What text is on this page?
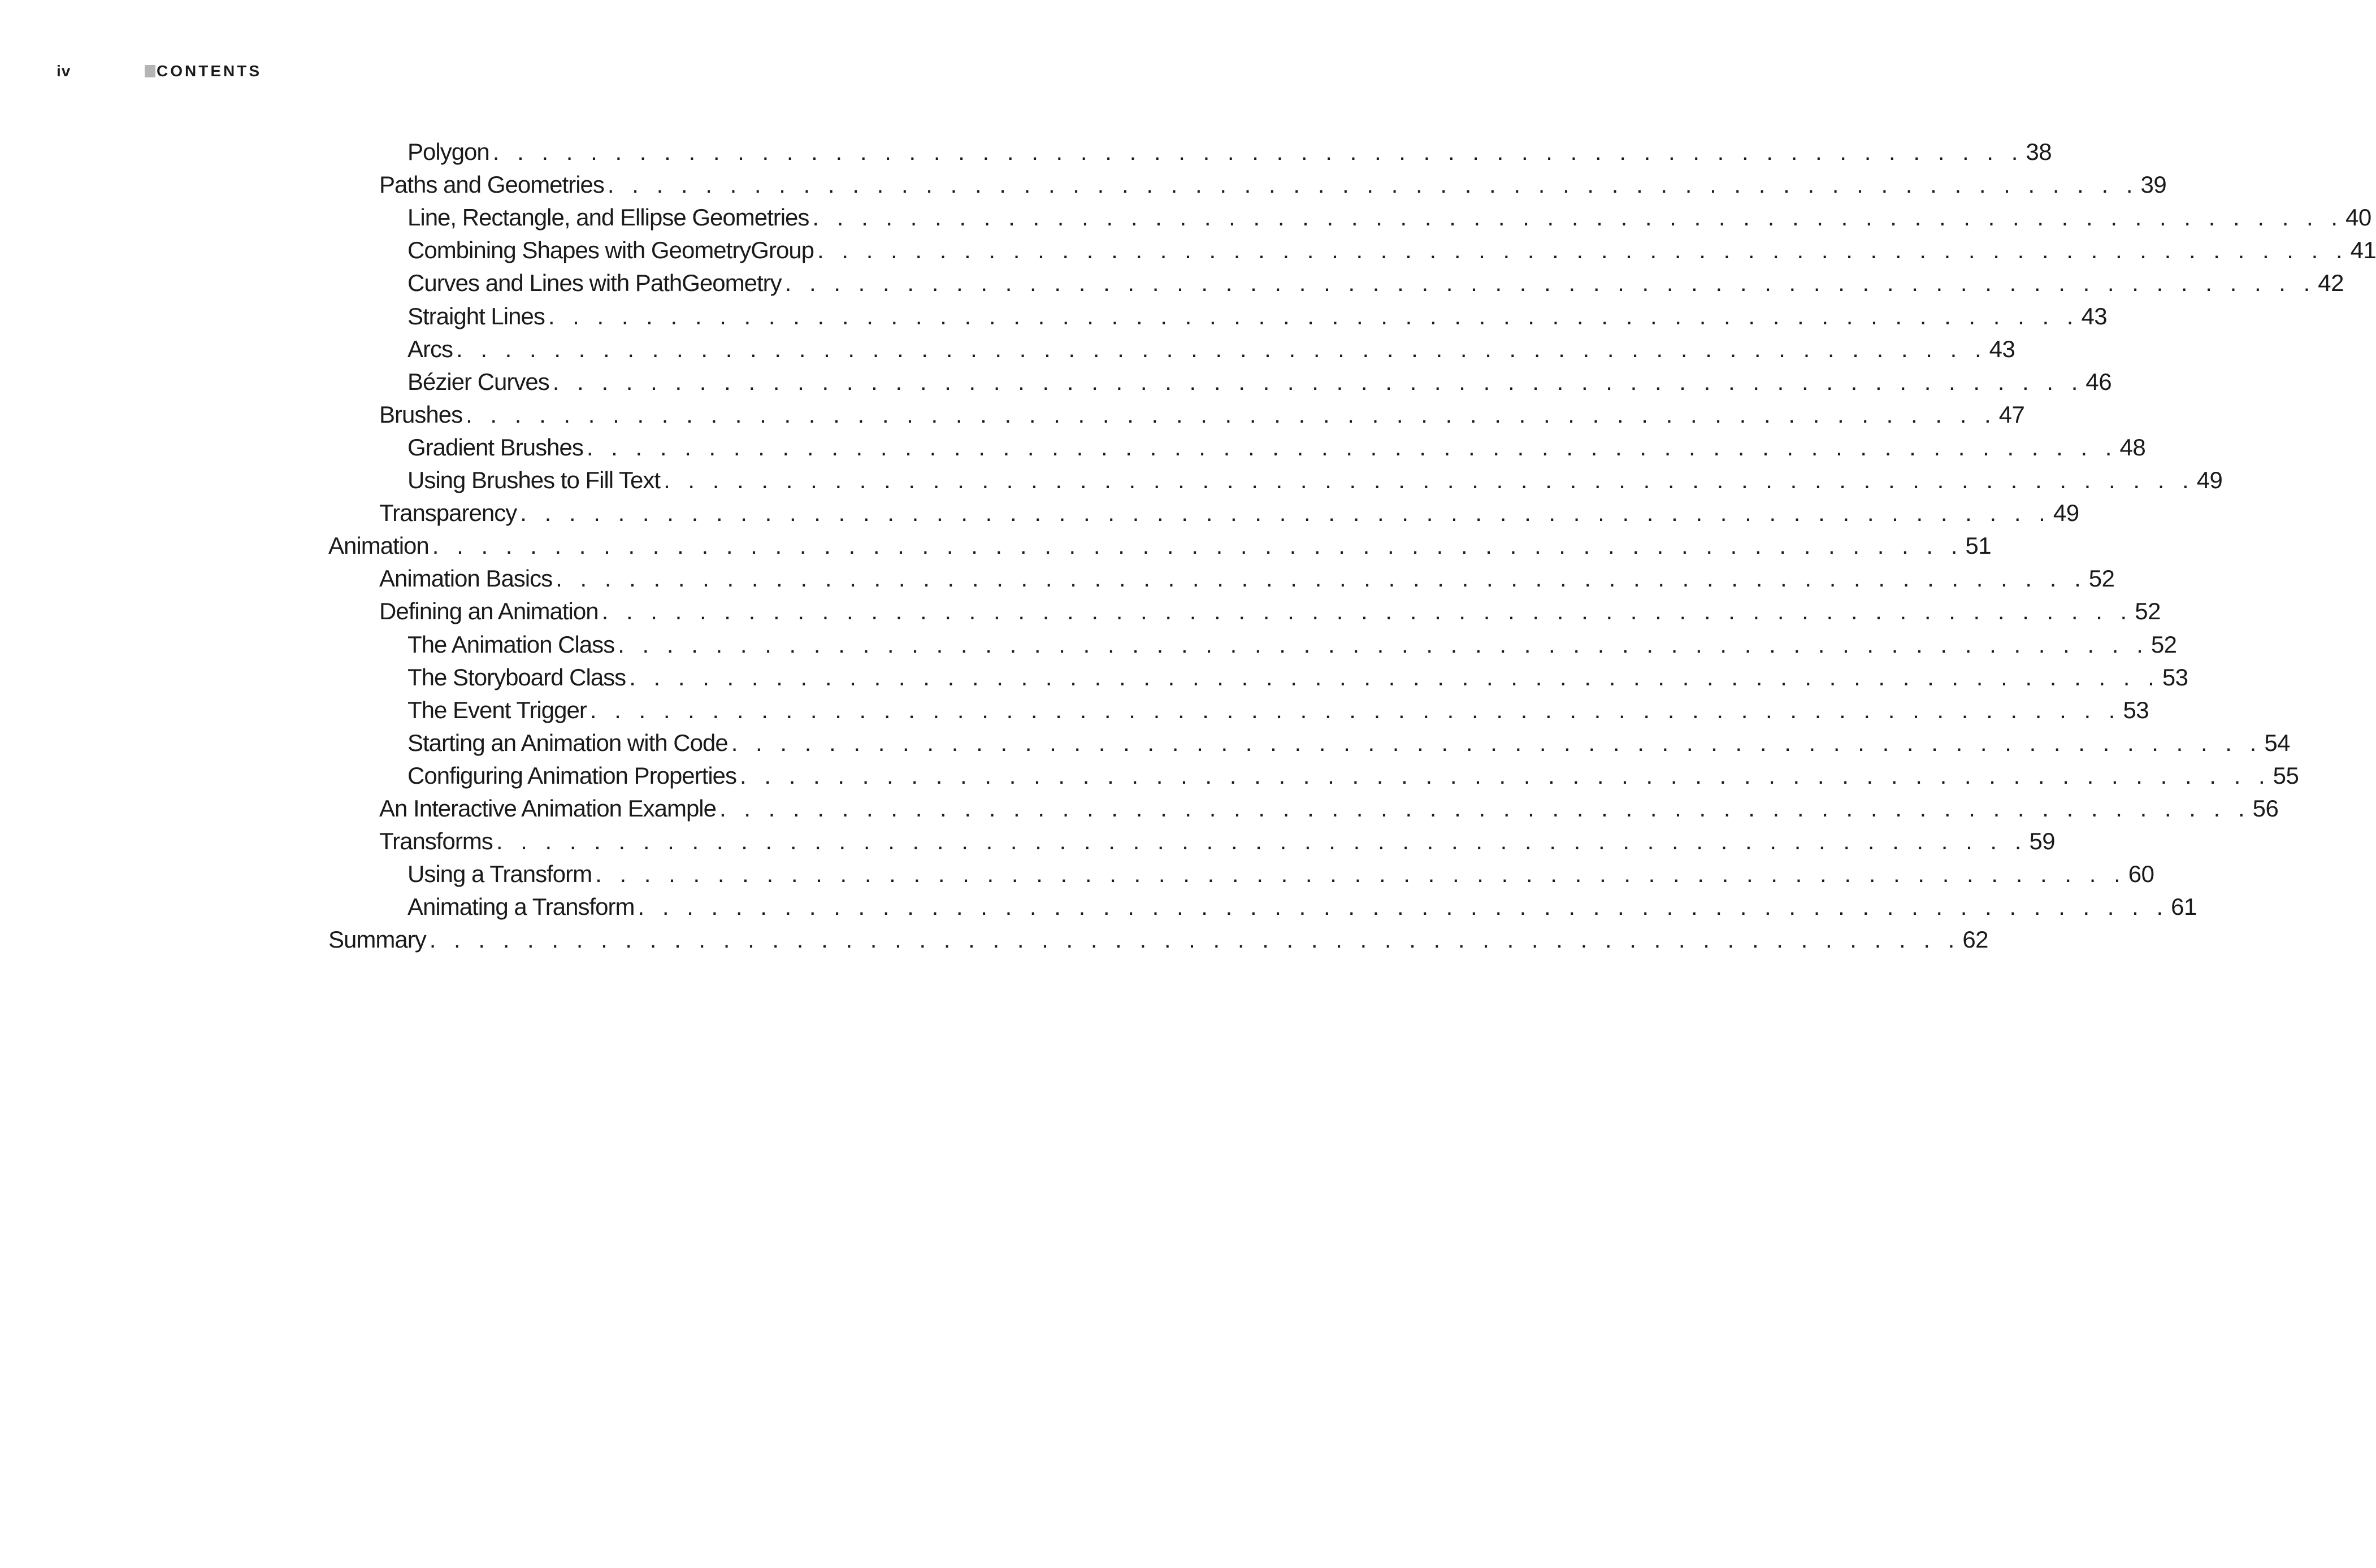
iv	CONTENTS
Polygon . . . . . . . . . . . . . . . . . . . . . . . . . . . . . . . . . . . . . . . . . . . . . . . . . . . . . . . . . . . . . . . 38
Paths and Geometries . . . . . . . . . . . . . . . . . . . . . . . . . . . . . . . . . . . . . . . . . . . . . . . . . . . . . . . . . . . . . . . 39
Line, Rectangle, and Ellipse Geometries . . . . . . . . . . . . . . . . . . . . . . . . . . . . . . . . . . . . . . . . . . . . . . . . . . . . . . . . . . . . . . . 40
Combining Shapes with GeometryGroup . . . . . . . . . . . . . . . . . . . . . . . . . . . . . . . . . . . . . . . . . . . . . . . . . . . . . . . . . . . . . . . 41
Curves and Lines with PathGeometry . . . . . . . . . . . . . . . . . . . . . . . . . . . . . . . . . . . . . . . . . . . . . . . . . . . . . . . . . . . . . . . 42
Straight Lines . . . . . . . . . . . . . . . . . . . . . . . . . . . . . . . . . . . . . . . . . . . . . . . . . . . . . . . . . . . . . . . 43
Arcs . . . . . . . . . . . . . . . . . . . . . . . . . . . . . . . . . . . . . . . . . . . . . . . . . . . . . . . . . . . . . . . 43
Bézier Curves . . . . . . . . . . . . . . . . . . . . . . . . . . . . . . . . . . . . . . . . . . . . . . . . . . . . . . . . . . . . . . . 46
Brushes . . . . . . . . . . . . . . . . . . . . . . . . . . . . . . . . . . . . . . . . . . . . . . . . . . . . . . . . . . . . . . . 47
Gradient Brushes . . . . . . . . . . . . . . . . . . . . . . . . . . . . . . . . . . . . . . . . . . . . . . . . . . . . . . . . . . . . . . . 48
Using Brushes to Fill Text . . . . . . . . . . . . . . . . . . . . . . . . . . . . . . . . . . . . . . . . . . . . . . . . . . . . . . . . . . . . . . . 49
Transparency . . . . . . . . . . . . . . . . . . . . . . . . . . . . . . . . . . . . . . . . . . . . . . . . . . . . . . . . . . . . . . . 49
Animation . . . . . . . . . . . . . . . . . . . . . . . . . . . . . . . . . . . . . . . . . . . . . . . . . . . . . . . . . . . . . . . 51
Animation Basics . . . . . . . . . . . . . . . . . . . . . . . . . . . . . . . . . . . . . . . . . . . . . . . . . . . . . . . . . . . . . . . 52
Defining an Animation . . . . . . . . . . . . . . . . . . . . . . . . . . . . . . . . . . . . . . . . . . . . . . . . . . . . . . . . . . . . . . . 52
The Animation Class . . . . . . . . . . . . . . . . . . . . . . . . . . . . . . . . . . . . . . . . . . . . . . . . . . . . . . . . . . . . . . . 52
The Storyboard Class . . . . . . . . . . . . . . . . . . . . . . . . . . . . . . . . . . . . . . . . . . . . . . . . . . . . . . . . . . . . . . . 53
The Event Trigger . . . . . . . . . . . . . . . . . . . . . . . . . . . . . . . . . . . . . . . . . . . . . . . . . . . . . . . . . . . . . . . 53
Starting an Animation with Code . . . . . . . . . . . . . . . . . . . . . . . . . . . . . . . . . . . . . . . . . . . . . . . . . . . . . . . . . . . . . . . 54
Configuring Animation Properties . . . . . . . . . . . . . . . . . . . . . . . . . . . . . . . . . . . . . . . . . . . . . . . . . . . . . . . . . . . . . . . 55
An Interactive Animation Example . . . . . . . . . . . . . . . . . . . . . . . . . . . . . . . . . . . . . . . . . . . . . . . . . . . . . . . . . . . . . . . 56
Transforms . . . . . . . . . . . . . . . . . . . . . . . . . . . . . . . . . . . . . . . . . . . . . . . . . . . . . . . . . . . . . . . 59
Using a Transform . . . . . . . . . . . . . . . . . . . . . . . . . . . . . . . . . . . . . . . . . . . . . . . . . . . . . . . . . . . . . . . 60
Animating a Transform . . . . . . . . . . . . . . . . . . . . . . . . . . . . . . . . . . . . . . . . . . . . . . . . . . . . . . . . . . . . . . . 61
Summary . . . . . . . . . . . . . . . . . . . . . . . . . . . . . . . . . . . . . . . . . . . . . . . . . . . . . . . . . . . . . . . 62
